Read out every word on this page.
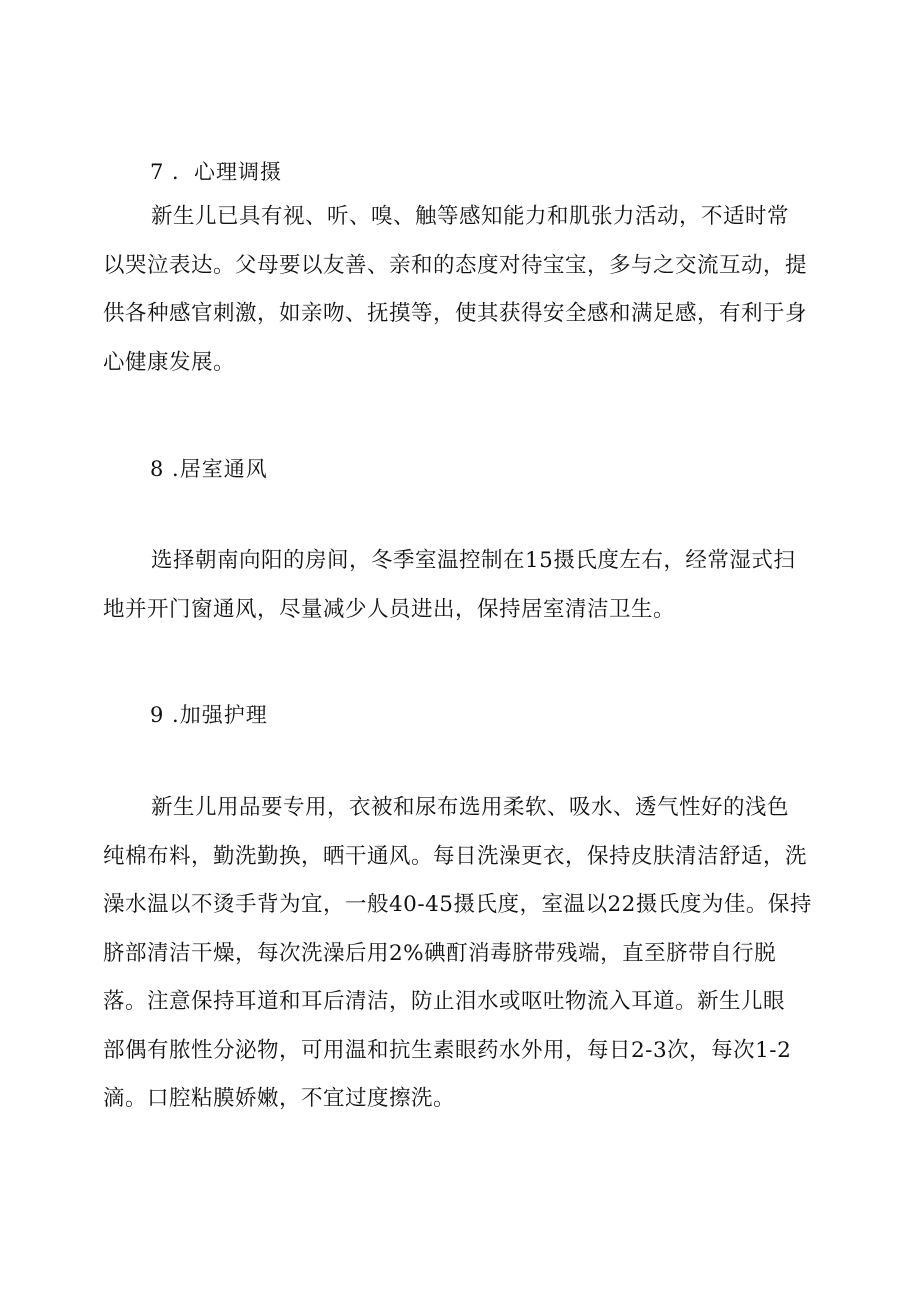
7 ．心理调摄
新生儿已具有视、听、嗅、触等感知能力和肌张力活动，不适时常
以哭泣表达。父母要以友善、亲和的态度对待宝宝，多与之交流互动，提
供各种感官刺激，如亲吻、抚摸等，使其获得安全感和满足感，有利于身
心健康发展。
8 .居室通风
选择朝南向阳的房间，冬季室温控制在15摄氏度左右，经常湿式扫
地并开门窗通风，尽量减少人员进出，保持居室清洁卫生。
9 .加强护理
新生儿用品要专用，衣被和尿布选用柔软、吸水、透气性好的浅色
纯棉布料，勤洗勤换，晒干通风。每日洗澡更衣，保持皮肤清洁舒适，洗
澡水温以不烫手背为宜，一般40-45摄氏度，室温以22摄氏度为佳。保持
脐部清洁干燥，每次洗澡后用2%碘酊消毒脐带残端，直至脐带自行脱
落。注意保持耳道和耳后清洁，防止泪水或呕吐物流入耳道。新生儿眼
部偶有脓性分泌物，可用温和抗生素眼药水外用，每日2-3次，每次1-2
滴。口腔粘膜娇嫩，不宜过度擦洗。
